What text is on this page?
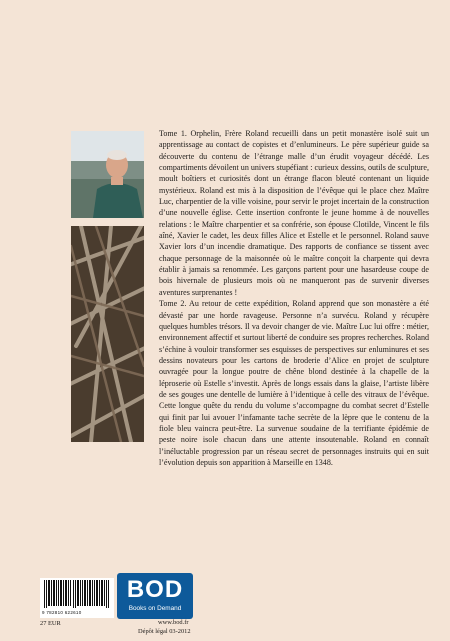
Tome 1. Orphelin, Frère Roland recueilli dans un petit monastère isolé suit un apprentissage au contact de copistes et d’enlumineurs. Le père supérieur guide sa découverte du contenu de l’étrange malle d’un érudit voyageur décédé. Les compartiments dévoilent un univers stupéfiant : curieux dessins, outils de sculpture, moult boîtiers et curiosités dont un étrange flacon bleuté contenant un liquide mystérieux. Roland est mis à la disposition de l’évêque qui le place chez Maître Luc, charpentier de la ville voisine, pour servir le projet incertain de la construction d’une nouvelle église. Cette insertion confronte le jeune homme à de nouvelles relations : le Maître charpentier et sa confrérie, son épouse Clotilde, Vincent le fils aîné, Xavier le cadet, les deux filles Alice et Estelle et le personnel. Roland sauve Xavier lors d’un incendie dramatique. Des rapports de confiance se tissent avec chaque personnage de la maisonnée où le maître conçoit la charpente qui devra établir à jamais sa renommée. Les garçons partent pour une hasardeuse coupe de bois hivernale de plusieurs mois où ne manqueront pas de survenir diverses aventures surprenantes !

Tome 2. Au retour de cette expédition, Roland apprend que son monastère a été dévasté par une horde ravageuse. Personne n’a survécu. Roland y récupère quelques humbles trésors. Il va devoir changer de vie. Maître Luc lui offre : métier, environnement affectif et surtout liberté de conduire ses propres recherches. Roland s’échine à vouloir transformer ses esquisses de perspectives sur enluminures et ses dessins novateurs pour les cartons de broderie d’Alice en projet de sculpture ouvragée pour la longue poutre de chêne blond destinée à la chapelle de la léproserie où Estelle s’investit. Après de longs essais dans la glaise, l’artiste libère de ses gouges une dentelle de lumière à l’identique à celle des vitraux de l’évêque. Cette longue quête du rendu du volume s’accompagne du combat secret d’Estelle qui finit par lui avouer l’infamante tache secrète de la lèpre que le contenu de la fiole bleu vaincra peut-être. La survenue soudaine de la terrifiante épidémie de peste noire isole chacun dans une attente insoutenable. Roland en connaît l’inéluctable progression par un réseau secret de personnages instruits qui en suit l’évolution depuis son apparition à Marseille en 1348.

9 782810 622610
27 EUR
BOD
Books on Demand
www.bod.fr
Dépôt légal 03-2012
